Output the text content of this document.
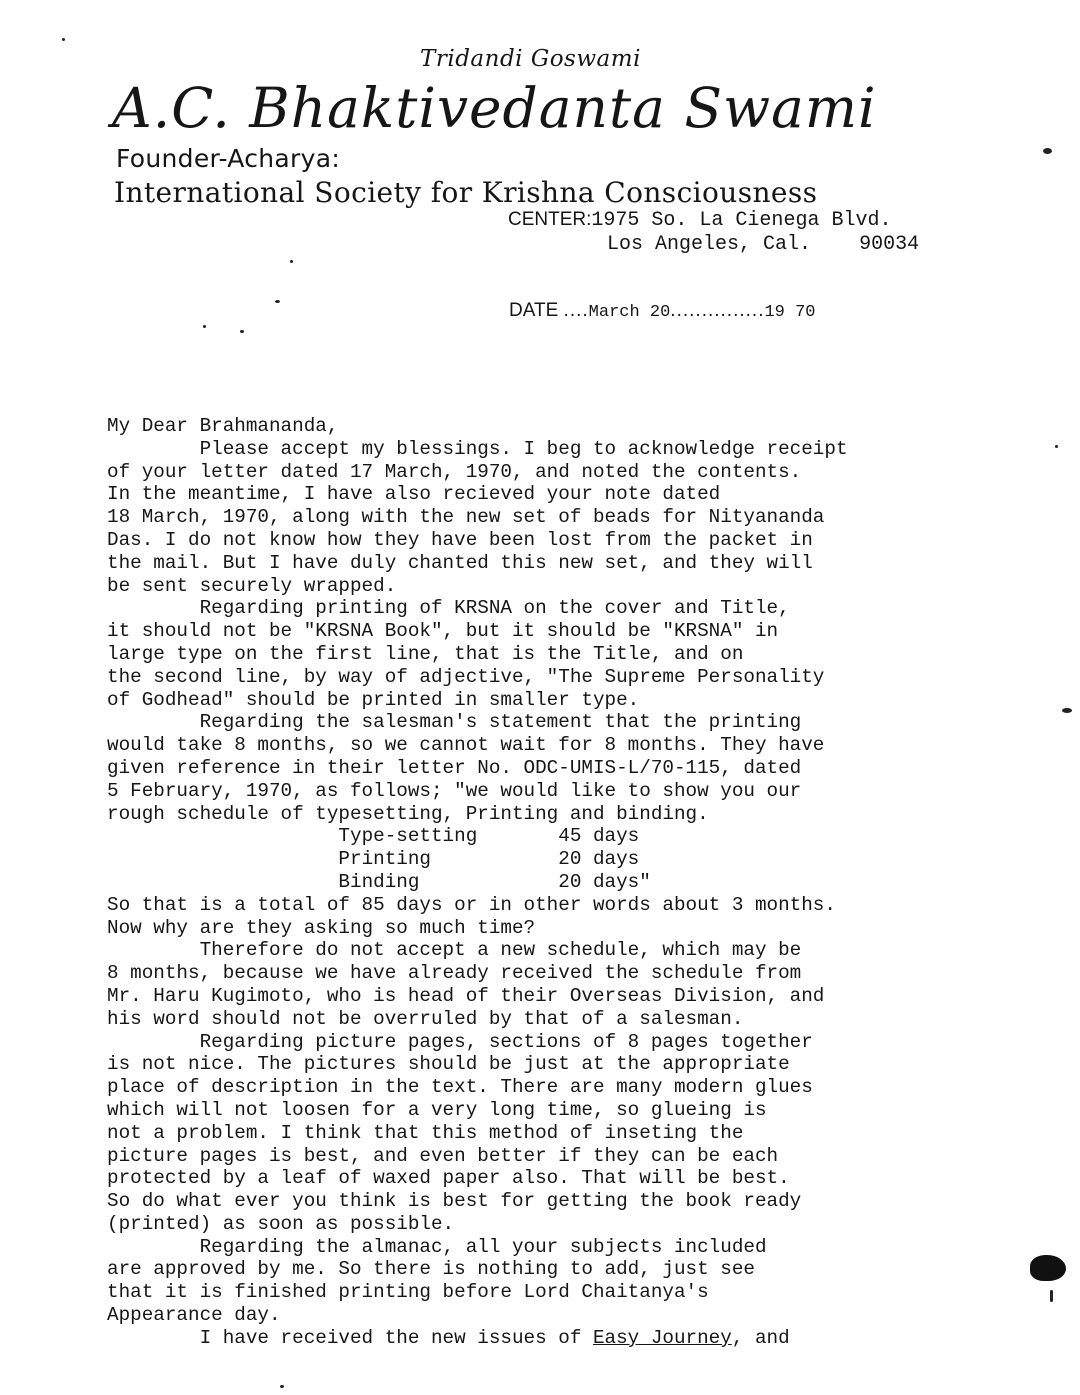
Tridandi Goswami
A.C. Bhaktivedanta Swami
Founder-Acharya:
International Society for Krishna Consciousness
CENTER:1975 So. La Cienega Blvd.
Los Angeles, Cal. 90034
DATE ....March 20...............19 70
My Dear Brahmananda,
Please accept my blessings. I beg to acknowledge receipt
of your letter dated 17 March, 1970, and noted the contents.
In the meantime, I have also recieved your note dated
18 March, 1970, along with the new set of beads for Nityananda
Das. I do not know how they have been lost from the packet in
the mail. But I have duly chanted this new set, and they will
be sent securely wrapped.
Regarding printing of KRSNA on the cover and Title,
it should not be "KRSNA Book", but it should be "KRSNA" in
large type on the first line, that is the Title, and on
the second line, by way of adjective, "The Supreme Personality
of Godhead" should be printed in smaller type.
Regarding the salesman's statement that the printing
would take 8 months, so we cannot wait for 8 months. They have
given reference in their letter No. ODC-UMIS-L/70-115, dated
5 February, 1970, as follows; "we would like to show you our
rough schedule of typesetting, Printing and binding.
Type-setting	45 days
Printing	20 days
Binding	20 days"
So that is a total of 85 days or in other words about 3 months.
Now why are they asking so much time?
Therefore do not accept a new schedule, which may be
8 months, because we have already received the schedule from
Mr. Haru Kugimoto, who is head of their Overseas Division, and
his word should not be overruled by that of a salesman.
Regarding picture pages, sections of 8 pages together
is not nice. The pictures should be just at the appropriate
place of description in the text. There are many modern glues
which will not loosen for a very long time, so glueing is
not a problem. I think that this method of inseting the
picture pages is best, and even better if they can be each
protected by a leaf of waxed paper also. That will be best.
So do what ever you think is best for getting the book ready
(printed) as soon as possible.
Regarding the almanac, all your subjects included
are approved by me. So there is nothing to add, just see
that it is finished printing before Lord Chaitanya's
Appearance day.
I have received the new issues of Easy Journey, and
